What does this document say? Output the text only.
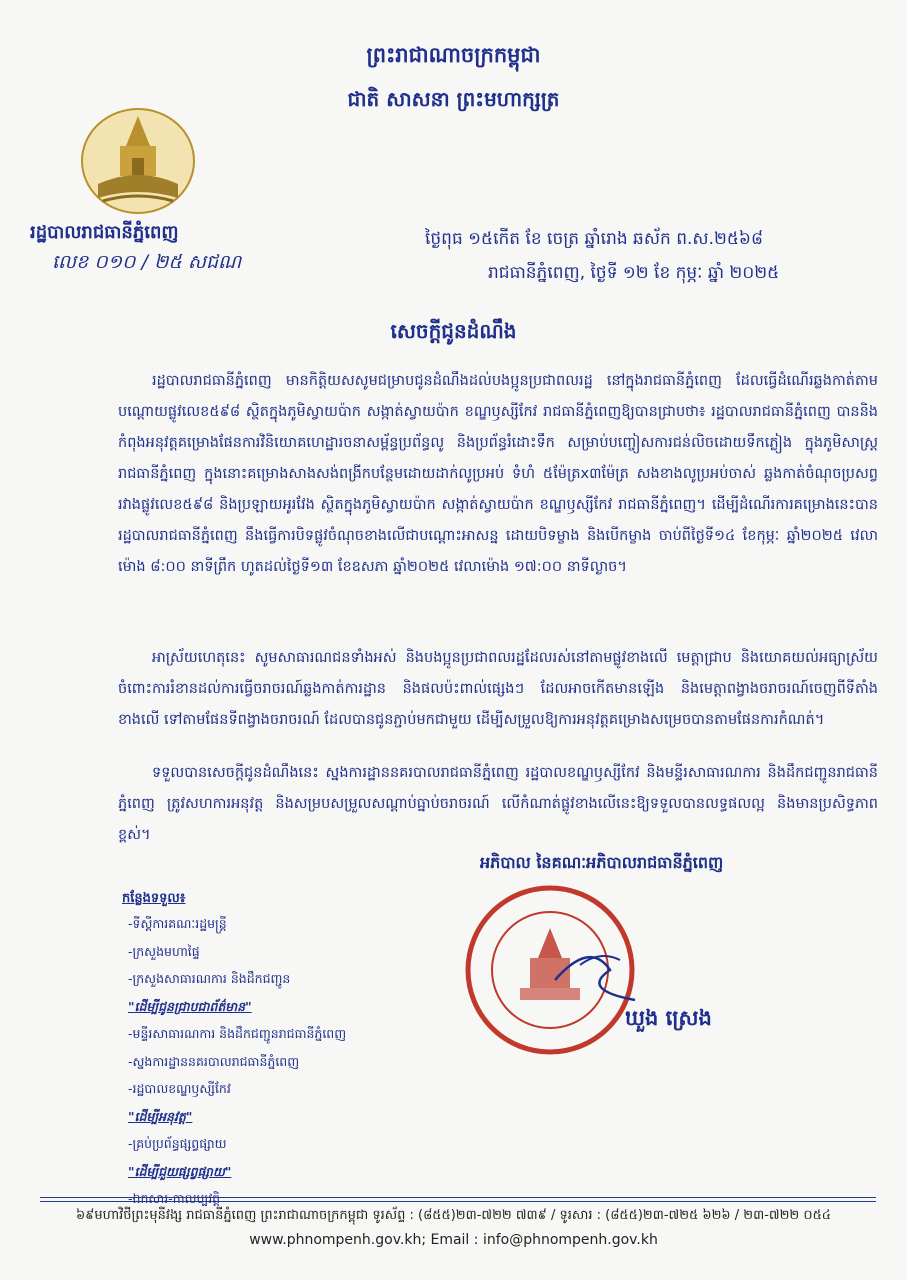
ព្រះរាជាណាចក្រកម្ពុជា
ជាតិ សាសនា ព្រះមហាក្សត្រ
រដ្ឋបាលរាជធានីភ្នំពេញ
លេខ ០១០ / ២៥ សជណ
ថ្ងៃពុធ ១៥កើត ខែ ចេត្រ ឆ្នាំរោង ឆស័ក ព.ស.២៥៦៨
រាជធានីភ្នំពេញ, ថ្ងៃទី ១២ ខែ កុម្ភៈ ឆ្នាំ ២០២៥
សេចក្តីជូនដំណឹង
រដ្ឋបាលរាជធានីភ្នំពេញ មានកិត្តិយសសូមជម្រាបជូនដំណឹងដល់បងប្អូនប្រជាពលរដ្ឋ នៅក្នុងរាជធានីភ្នំពេញ ដែលធ្វើដំណើរឆ្លងកាត់តាមបណ្តោយផ្លូវលេខ៥៩៨ ស្ថិតក្នុងភូមិស្វាយប៉ាក សង្កាត់ស្វាយប៉ាក ខណ្ឌឫស្សីកែវ រាជធានីភ្នំពេញឱ្យបានជ្រាបថា៖ រដ្ឋបាលរាជធានីភ្នំពេញ បាននិងកំពុងអនុវត្តគម្រោងផែនការវិនិយោគហេដ្ឋារចនាសម្ព័ន្ធប្រព័ន្ធលូ និងប្រព័ន្ធរំដោះទឹក សម្រាប់បញ្ចៀសការជន់លិចដោយទឹកភ្លៀង ក្នុងភូមិសាស្ត្ររាជធានីភ្នំពេញ ក្នុងនោះគម្រោងសាងសង់ពង្រីកបន្ថែមដោយដាក់លូប្រអប់ ទំហំ ៥ម៉ែត្រx៣ម៉ែត្រ សងខាងលូប្រអប់ចាស់ ឆ្លងកាត់ចំណុចប្រសព្វរវាងផ្លូវលេខ៥៩៨ និងប្រឡាយអូរវែង ស្ថិតក្នុងភូមិស្វាយប៉ាក សង្កាត់ស្វាយប៉ាក ខណ្ឌឫស្សីកែវ រាជធានីភ្នំពេញ។ ដើម្បីដំណើរការគម្រោងនេះបាន រដ្ឋបាលរាជធានីភ្នំពេញ នឹងធ្វើការបិទផ្លូវចំណុចខាងលើជាបណ្តោះអាសន្ន ដោយបិទម្ខាង និងបើកម្ខាង ចាប់ពីថ្ងៃទី១៤ ខែកុម្ភៈ ឆ្នាំ២០២៥ វេលាម៉ោង ៨:០០ នាទីព្រឹក ហូតដល់ថ្ងៃទី១៣ ខែឧសភា ឆ្នាំ២០២៥ វេលាម៉ោង ១៧:០០ នាទីល្ងាច។
អាស្រ័យហេតុនេះ សូមសាធារណជនទាំងអស់ និងបងប្អូនប្រជាពលរដ្ឋដែលរស់នៅតាមផ្លូវខាងលើ មេត្តាជ្រាប និងយោគយល់អធ្យាស្រ័យចំពោះការរំខានដល់ការធ្វើចរាចរណ៍ឆ្លងកាត់ការដ្ឋាន និងផលប៉ះពាល់ផ្សេងៗ ដែលអាចកើតមានឡើង និងមេត្តាពង្វាងចរាចរណ៍ចេញពីទីតាំងខាងលើ ទៅតាមផែនទីពង្វាងចរាចរណ៍ ដែលបានជូនភ្ជាប់មកជាមួយ ដើម្បីសម្រួលឱ្យការអនុវត្តគម្រោងសម្រេចបានតាមផែនការកំណត់។
ទទួលបានសេចក្តីជូនដំណឹងនេះ ស្នងការដ្ឋាននគរបាលរាជធានីភ្នំពេញ រដ្ឋបាលខណ្ឌឫស្សីកែវ និងមន្ទីរសាធារណការ និងដឹកជញ្ជូនរាជធានីភ្នំពេញ ត្រូវសហការអនុវត្ត និងសម្របសម្រួលសណ្តាប់ធ្នាប់ចរាចរណ៍ លើកំណាត់ផ្លូវខាងលើនេះឱ្យទទួលបានលទ្ធផលល្អ និងមានប្រសិទ្ធភាពខ្ពស់។
អភិបាល នៃគណៈអភិបាលរាជធានីភ្នំពេញ
ឃួង ស្រេង
កន្លែងទទួល៖
-ទីស្តីការគណៈរដ្ឋមន្ត្រី
-ក្រសួងមហាផ្ទៃ
-ក្រសួងសាធារណការ និងដឹកជញ្ជូន
"ដើម្បីជូនជ្រាបជាព័ត៌មាន"
-មន្ទីរសាធារណការ និងដឹកជញ្ជូនរាជធានីភ្នំពេញ
-ស្នងការដ្ឋាននគរបាលរាជធានីភ្នំពេញ
-រដ្ឋបាលខណ្ឌឫស្សីកែវ
"ដើម្បីអនុវត្ត"
-គ្រប់ប្រព័ន្ធផ្សព្វផ្សាយ
"ដើម្បីជួយផ្សព្វផ្សាយ"
-ឯកសារ-កាលប្បវត្តិ
៦៩មហាវិថីព្រះមុនីវង្ស រាជធានីភ្នំពេញ ព្រះរាជាណាចក្រកម្ពុជា ទូរស័ព្ទ : (៨៥៥)២៣-៧២២ ៧៣៩ / ទូរសារ : (៨៥៥)២៣-៧២៥ ៦២៦ / ២៣-៧២២ ០៥៤
www.phnompenh.gov.kh; Email : info@phnompenh.gov.kh
